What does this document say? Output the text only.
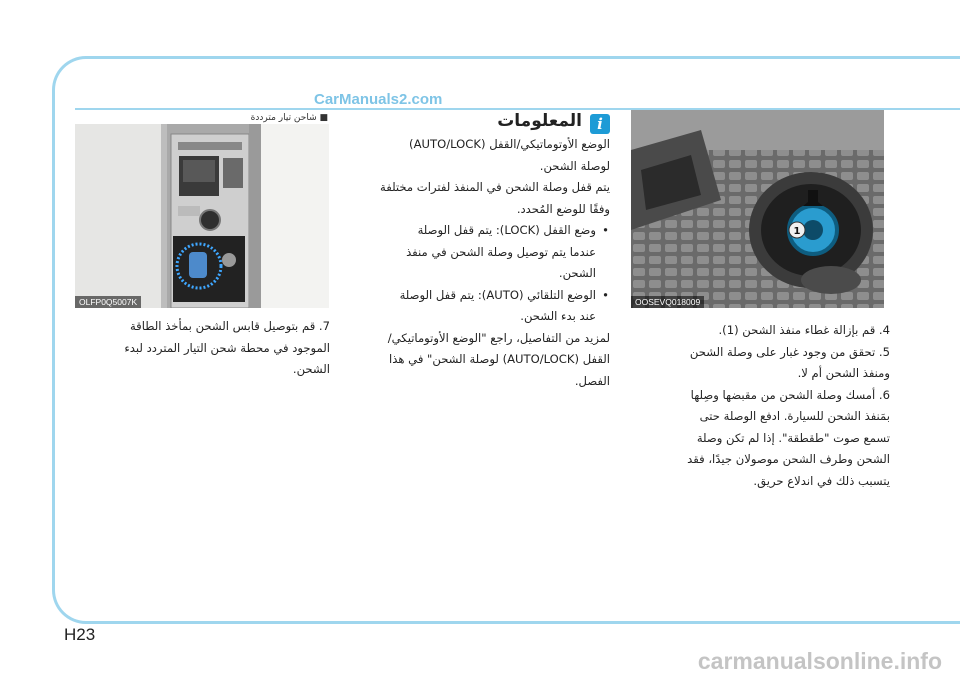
CarManuals2.com
■ شاحن تيار مترددة
OLFP0Q5007K

7. قم بتوصيل قابس الشحن بمأخذ الطاقة

الموجود في محطة شحن التيار المتردد لبدء

الشحن.

i
المعلومات

الوضع الأوتوماتيكي/القفل (AUTO/LOCK)

لوصلة الشحن.

يتم قفل وصلة الشحن في المنفذ لفترات مختلفة

وفقًا للوضع المُحدد.

• وضع القفل (LOCK): يتم قفل الوصلة

عندما يتم توصيل وصلة الشحن في منفذ

الشحن.

• الوضع التلقائي (AUTO): يتم قفل الوصلة

عند بدء الشحن.

لمزيد من التفاصيل، راجع "الوضع الأوتوماتيكي/

القفل (AUTO/LOCK) لوصلة الشحن" في هذا

الفصل.

1
OOSEVQ018009

4. قم بإزالة غطاء منفذ الشحن (1).

5. تحقق من وجود غبار على وصلة الشحن

ومنفذ الشحن أم لا.

6. أمسك وصلة الشحن من مقبضها وصِلها

بمَنفذ الشحن للسيارة. ادفع الوصلة حتى

تسمع صوت "طقطقة". إذا لم تكن وصلة

الشحن وطرف الشحن موصولان جيدًا، فقد

يتسبب ذلك في اندلاع حريق.

H23
carmanualsonline.info
